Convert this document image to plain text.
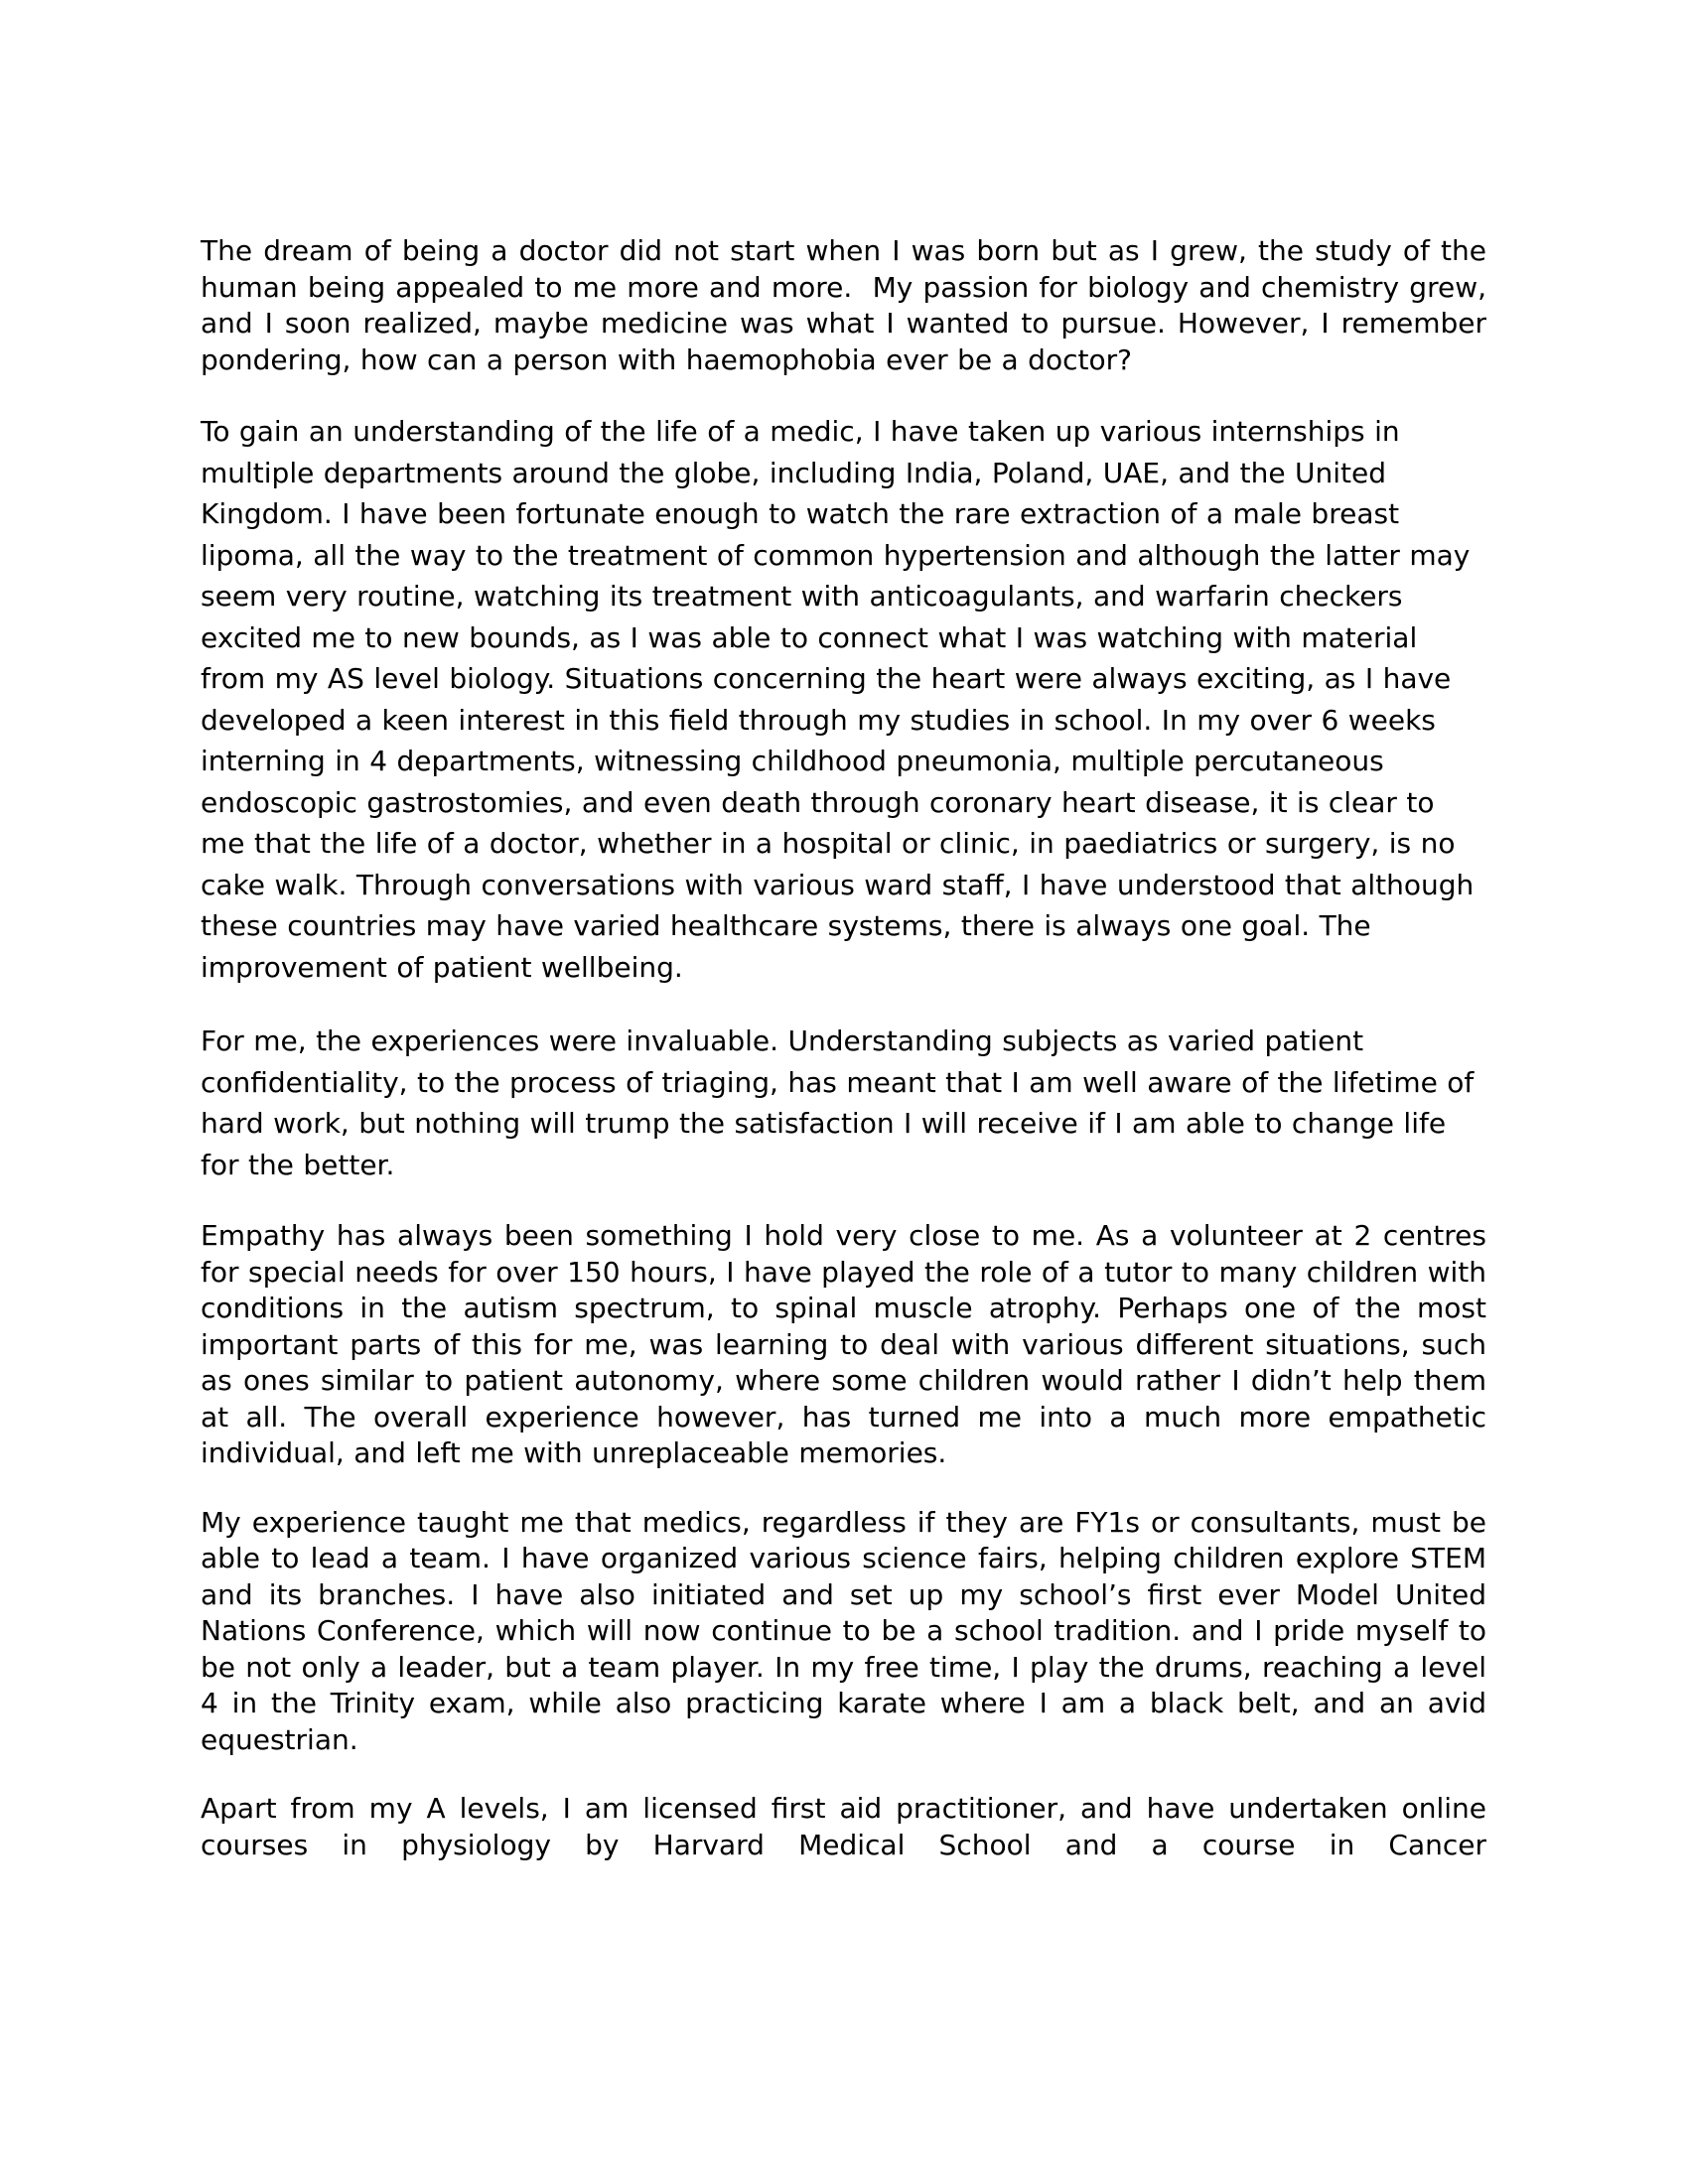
The dream of being a doctor did not start when I was born but as I grew, the study of the human being appealed to me more and more.  My passion for biology and chemistry grew, and I soon realized, maybe medicine was what I wanted to pursue. However, I remember pondering, how can a person with haemophobia ever be a doctor?

To gain an understanding of the life of a medic, I have taken up various internships in multiple departments around the globe, including India, Poland, UAE, and the United Kingdom. I have been fortunate enough to watch the rare extraction of a male breast lipoma, all the way to the treatment of common hypertension and although the latter may seem very routine, watching its treatment with anticoagulants, and warfarin checkers excited me to new bounds, as I was able to connect what I was watching with material from my AS level biology. Situations concerning the heart were always exciting, as I have developed a keen interest in this field through my studies in school. In my over 6 weeks interning in 4 departments, witnessing childhood pneumonia, multiple percutaneous endoscopic gastrostomies, and even death through coronary heart disease, it is clear to me that the life of a doctor, whether in a hospital or clinic, in paediatrics or surgery, is no cake walk. Through conversations with various ward staff, I have understood that although these countries may have varied healthcare systems, there is always one goal. The improvement of patient wellbeing.

For me, the experiences were invaluable. Understanding subjects as varied patient confidentiality, to the process of triaging, has meant that I am well aware of the lifetime of hard work, but nothing will trump the satisfaction I will receive if I am able to change life for the better.

Empathy has always been something I hold very close to me. As a volunteer at 2 centres for special needs for over 150 hours, I have played the role of a tutor to many children with conditions in the autism spectrum, to spinal muscle atrophy. Perhaps one of the most important parts of this for me, was learning to deal with various different situations, such as ones similar to patient autonomy, where some children would rather I didn’t help them at all. The overall experience however, has turned me into a much more empathetic individual, and left me with unreplaceable memories.

My experience taught me that medics, regardless if they are FY1s or consultants, must be able to lead a team. I have organized various science fairs, helping children explore STEM and its branches. I have also initiated and set up my school’s first ever Model United Nations Conference, which will now continue to be a school tradition. and I pride myself to be not only a leader, but a team player. In my free time, I play the drums, reaching a level 4 in the Trinity exam, while also practicing karate where I am a black belt, and an avid equestrian.

Apart from my A levels, I am licensed first aid practitioner, and have undertaken online courses in physiology by Harvard Medical School and a course in Cancer
